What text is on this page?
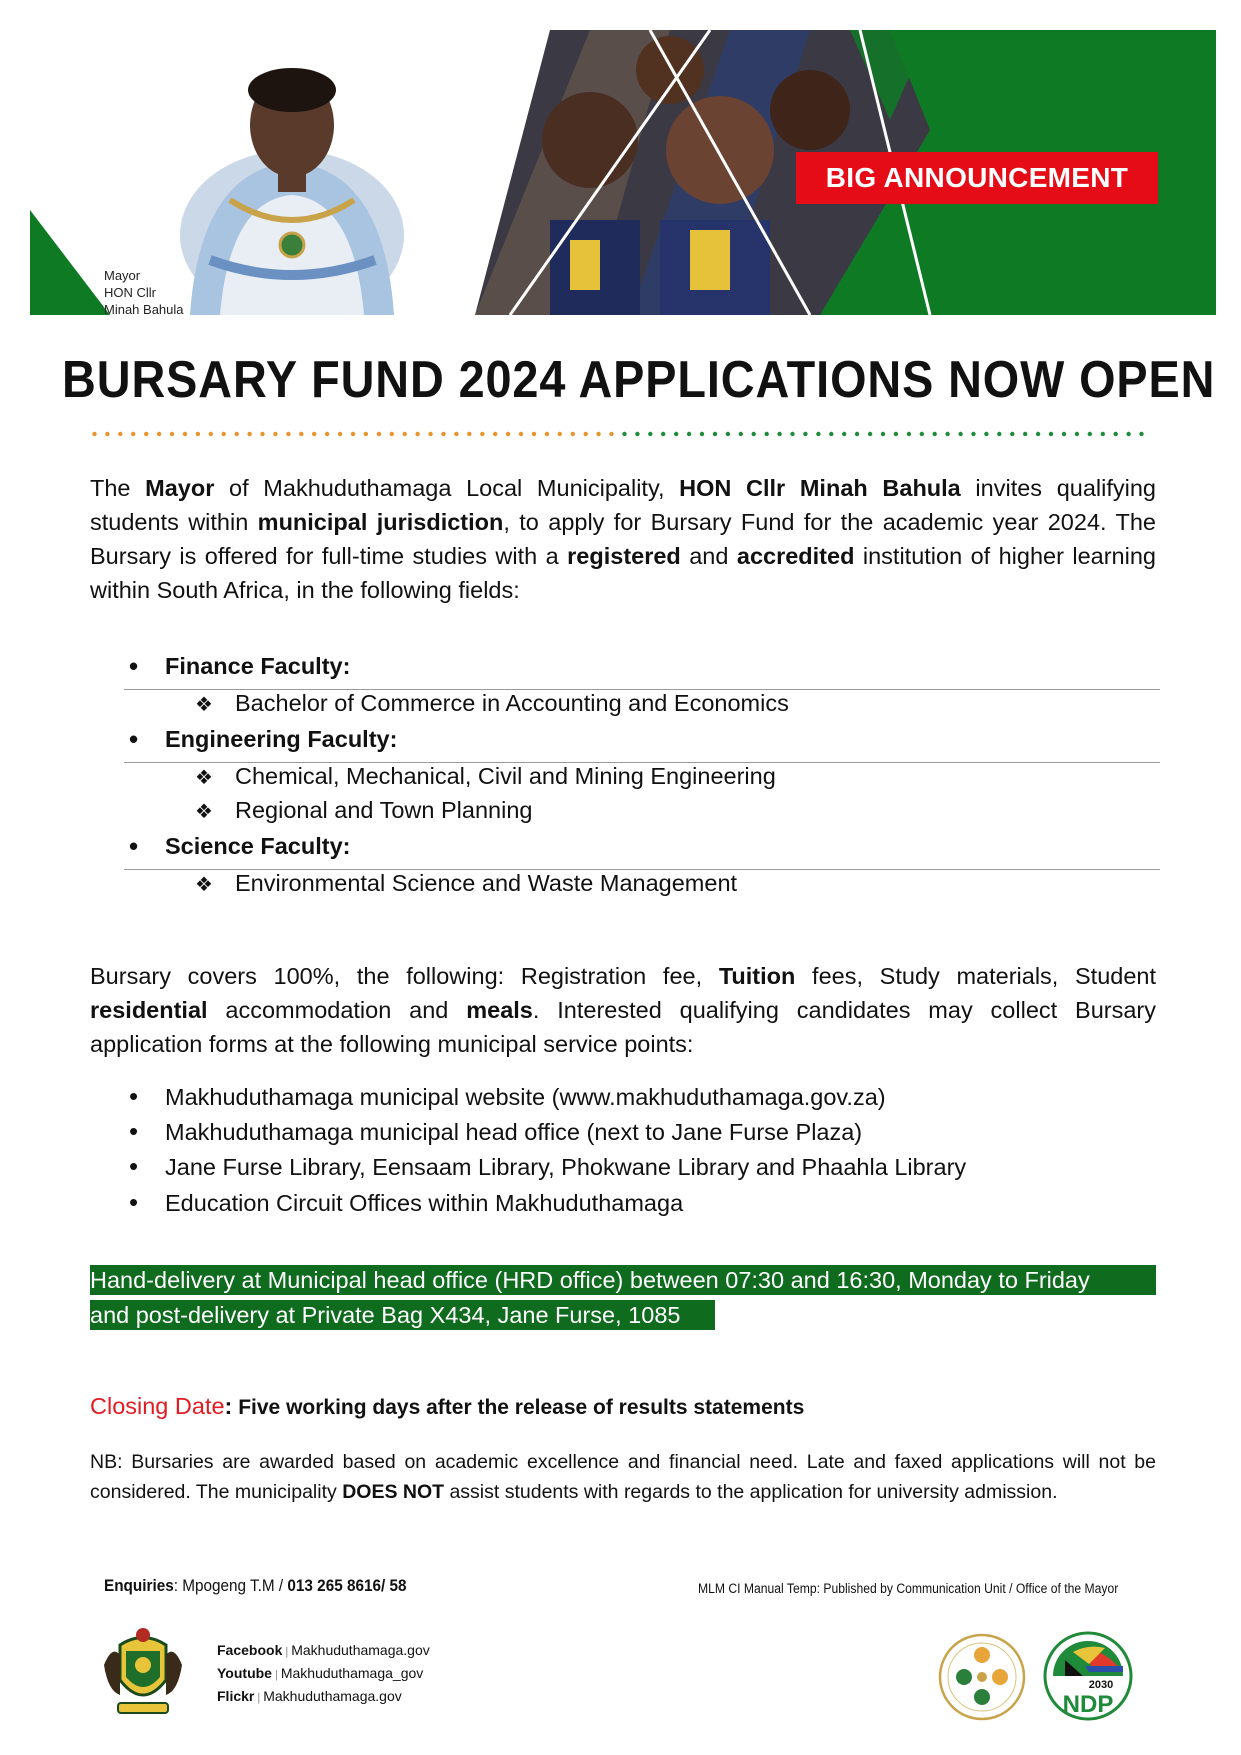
Mayor
HON Cllr
Minah Bahula
BIG ANNOUNCEMENT
BURSARY FUND 2024 APPLICATIONS NOW OPEN
The Mayor of Makhuduthamaga Local Municipality, HON Cllr Minah Bahula invites qualifying students within municipal jurisdiction, to apply for Bursary Fund for the academic year 2024. The Bursary is offered for full-time studies with a registered and accredited institution of higher learning within South Africa, in the following fields:
• Finance Faculty:
❖ Bachelor of Commerce in Accounting and Economics
• Engineering Faculty:
❖ Chemical, Mechanical, Civil and Mining Engineering
❖ Regional and Town Planning
• Science Faculty:
❖ Environmental Science and Waste Management
Bursary covers 100%, the following: Registration fee, Tuition fees, Study materials, Student residential accommodation and meals. Interested qualifying candidates may collect Bursary application forms at the following municipal service points:
• Makhuduthamaga municipal website (www.makhuduthamaga.gov.za)
• Makhuduthamaga municipal head office (next to Jane Furse Plaza)
• Jane Furse Library, Eensaam Library, Phokwane Library and Phaahla Library
• Education Circuit Offices within Makhuduthamaga
Hand-delivery at Municipal head office (HRD office) between 07:30 and 16:30, Monday to Friday
and post-delivery at Private Bag X434, Jane Furse, 1085
Closing Date: Five working days after the release of results statements
NB: Bursaries are awarded based on academic excellence and financial need. Late and faxed applications will not be considered. The municipality DOES NOT assist students with regards to the application for university admission.
Enquiries: Mpogeng T.M / 013 265 8616/ 58	MLM CI Manual Temp: Published by Communication Unit / Office of the Mayor
Facebook | Makhuduthamaga.gov
Youtube | Makhuduthamaga_gov
Flickr | Makhuduthamaga.gov
2030
NDP
